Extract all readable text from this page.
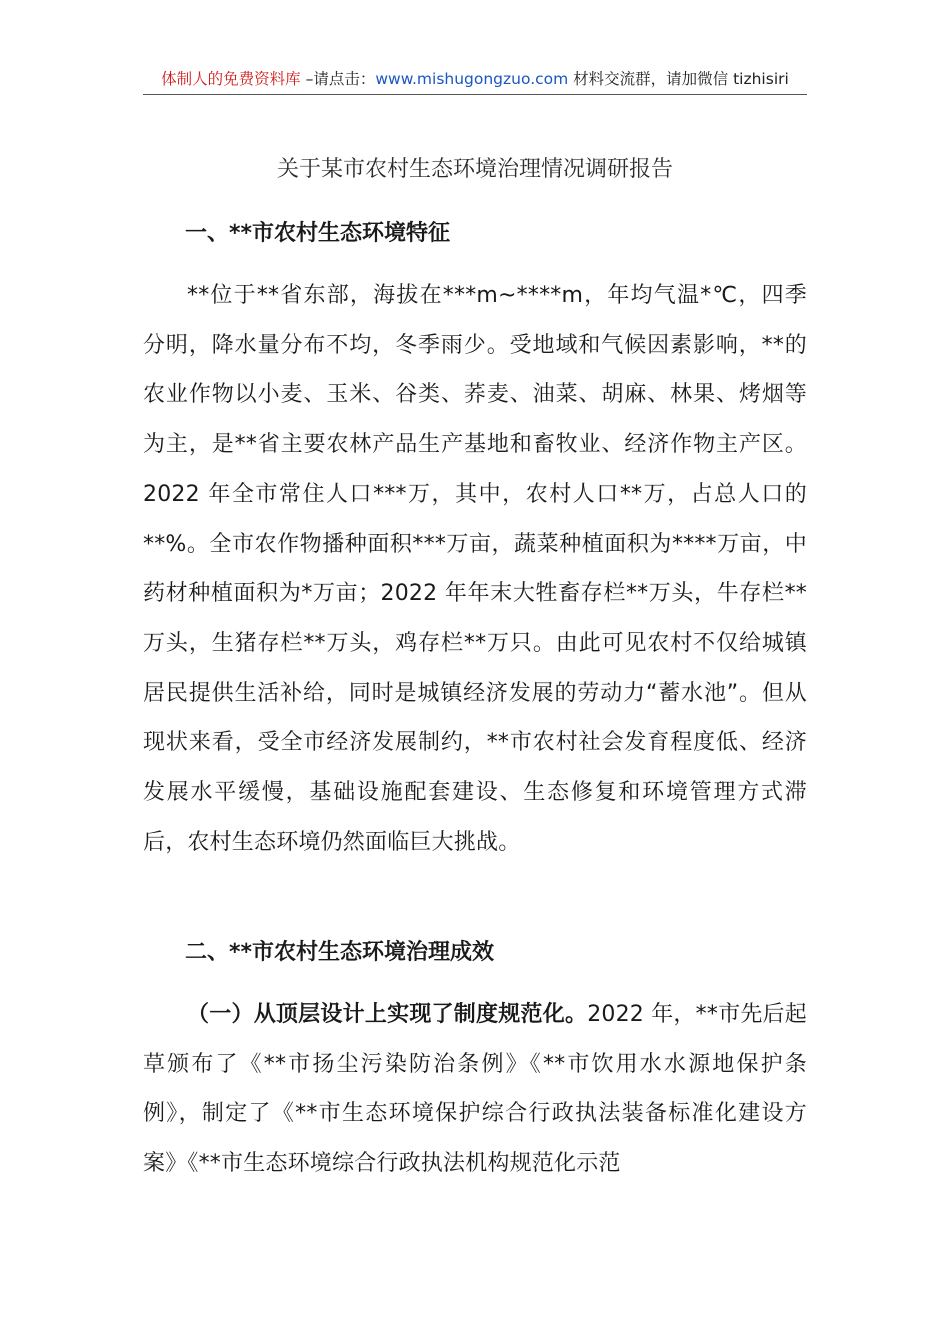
体制人的免费资料库 –请点击：www.mishugongzuo.com 材料交流群，请加微信 tizhisiri
关于某市农村生态环境治理情况调研报告
一、**市农村生态环境特征
**位于**省东部，海拔在***m~****m，年均气温*℃，四季分明，降水量分布不均，冬季雨少。受地域和气候因素影响，**的农业作物以小麦、玉米、谷类、荞麦、油菜、胡麻、林果、烤烟等为主，是**省主要农林产品生产基地和畜牧业、经济作物主产区。2022 年全市常住人口***万，其中，农村人口**万，占总人口的**%。全市农作物播种面积***万亩，蔬菜种植面积为****万亩，中药材种植面积为*万亩；2022 年年末大牲畜存栏**万头，牛存栏**万头，生猪存栏**万头，鸡存栏**万只。由此可见农村不仅给城镇居民提供生活补给，同时是城镇经济发展的劳动力“蓄水池”。但从现状来看，受全市经济发展制约，**市农村社会发育程度低、经济发展水平缓慢，基础设施配套建设、生态修复和环境管理方式滞后，农村生态环境仍然面临巨大挑战。
二、**市农村生态环境治理成效
（一）从顶层设计上实现了制度规范化。2022 年，**市先后起草颁布了《**市扬尘污染防治条例》《**市饮用水水源地保护条例》，制定了《**市生态环境保护综合行政执法装备标准化建设方案》《**市生态环境综合行政执法机构规范化示范
